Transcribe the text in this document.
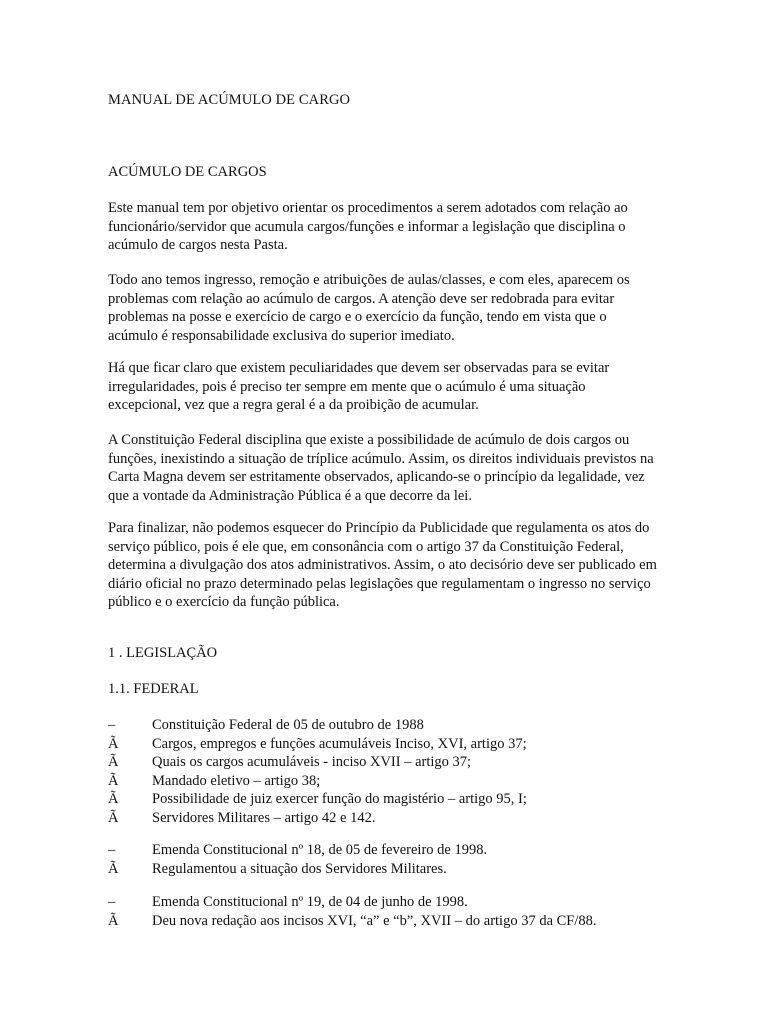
MANUAL DE ACÚMULO DE CARGO
ACÚMULO DE CARGOS

Este manual tem por objetivo orientar os procedimentos a serem adotados com relação ao funcionário/servidor que acumula cargos/funções e informar a legislação que disciplina o acúmulo de cargos nesta Pasta.

Todo ano temos ingresso, remoção e atribuições de aulas/classes, e com eles, aparecem os problemas com relação ao acúmulo de cargos. A atenção deve ser redobrada para evitar problemas na posse e exercício de cargo e o exercício da função, tendo em vista que o acúmulo é responsabilidade exclusiva do superior imediato.

Há que ficar claro que existem peculiaridades que devem ser observadas para se evitar irregularidades, pois é preciso ter sempre em mente que o acúmulo é uma situação excepcional, vez que a regra geral é a da proibição de acumular.

A Constituição Federal disciplina que existe a possibilidade de acúmulo de dois cargos ou funções, inexistindo a situação de tríplice acúmulo. Assim, os direitos individuais previstos na Carta Magna devem ser estritamente observados, aplicando-se o princípio da legalidade, vez que a vontade da Administração Pública é a que decorre da lei.

Para finalizar, não podemos esquecer do Princípio da Publicidade que regulamenta os atos do serviço público, pois é ele que, em consonância com o artigo 37 da Constituição Federal, determina a divulgação dos atos administrativos. Assim, o ato decisório deve ser publicado em diário oficial no prazo determinado pelas legislações que regulamentam o ingresso no serviço público e o exercício da função pública.

1 . LEGISLAÇÃO
1.1. FEDERAL
–	Constituição Federal de 05 de outubro de 1988
Ã	Cargos, empregos e funções acumuláveis Inciso, XVI, artigo 37;
Ã	Quais os cargos acumuláveis - inciso XVII – artigo 37;
Ã	Mandado eletivo – artigo 38;
Ã	Possibilidade de juiz exercer função do magistério – artigo 95, I;
Ã	Servidores Militares – artigo 42 e 142.
–	Emenda Constitucional nº 18, de 05 de fevereiro de 1998.
Ã	Regulamentou a situação dos Servidores Militares.
–	Emenda Constitucional nº 19, de 04 de junho de 1998.
Ã	Deu nova redação aos incisos XVI, “a” e “b”, XVII – do artigo 37 da CF/88.
